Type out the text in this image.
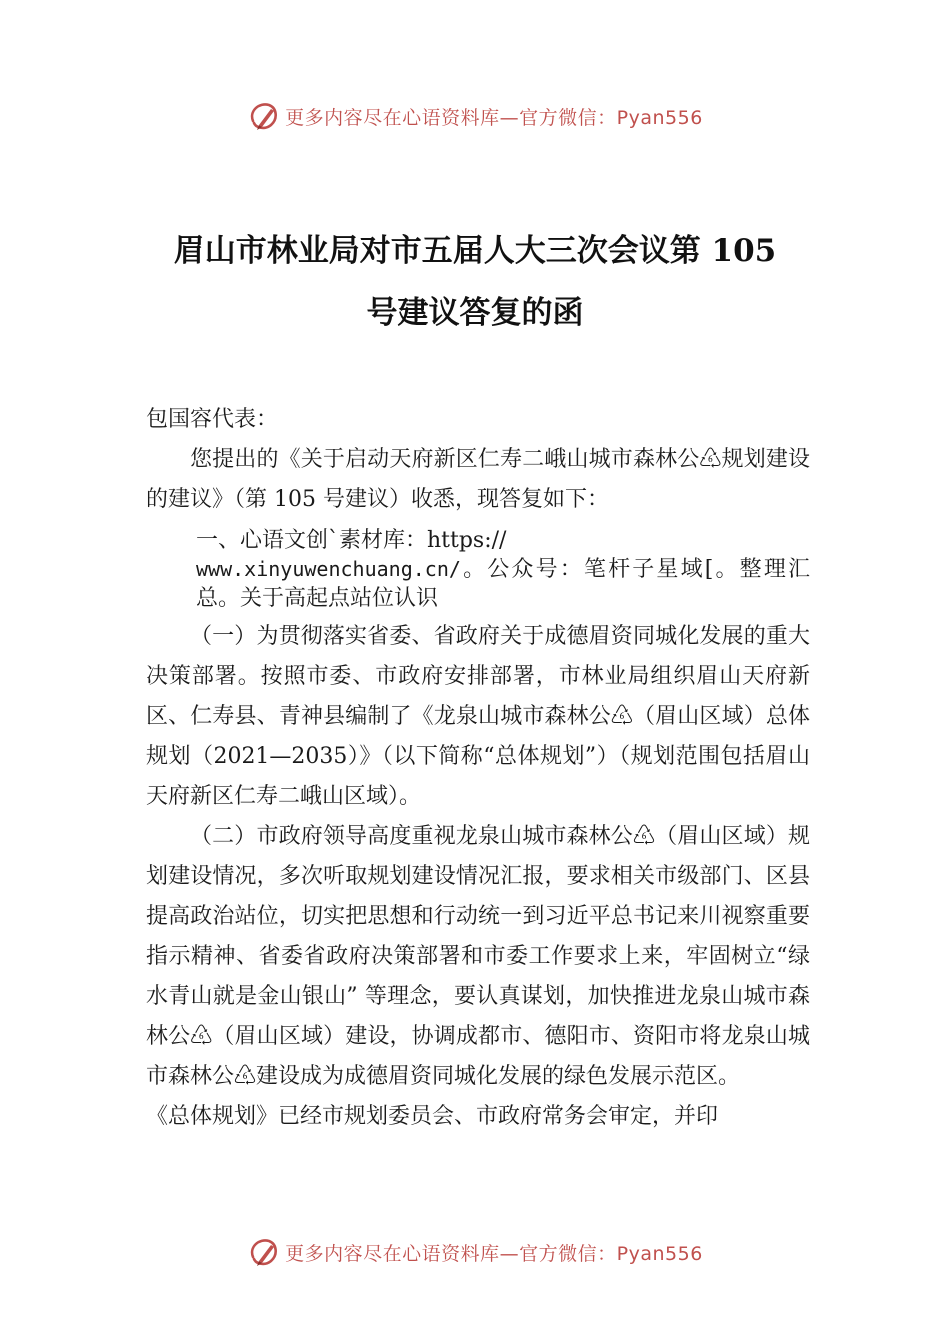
更多内容尽在心语资料库—官方微信：Pyan556
眉山市林业局对市五届人大三次会议第 105
号建议答复的函

包国容代表：

您提出的《关于启动天府新区仁寿二峨山城市森林公♸规划建设的建议》（第 105 号建议）收悉，现答复如下：

一、心语文创`素材库：https://
www.xinyuwenchuang.cn/。公众号：笔杆子星域[。整理汇总。关于高起点站位认识

（一）为贯彻落实省委、省政府关于成德眉资同城化发展的重大决策部署。按照市委、市政府安排部署，市林业局组织眉山天府新区、仁寿县、青神县编制了《龙泉山城市森林公♸（眉山区域）总体规划（2021—2035）》（以下简称“总体规划”）（规划范围包括眉山天府新区仁寿二峨山区域）。

（二）市政府领导高度重视龙泉山城市森林公♸（眉山区域）规划建设情况，多次听取规划建设情况汇报，要求相关市级部门、区县提高政治站位，切实把思想和行动统一到习近平总书记来川视察重要指示精神、省委省政府决策部署和市委工作要求上来，牢固树立“绿水青山就是金山银山” 等理念，要认真谋划，加快推进龙泉山城市森林公♸（眉山区域）建设，协调成都市、德阳市、资阳市将龙泉山城市森林公♸建设成为成德眉资同城化发展的绿色发展示范区。

《总体规划》已经市规划委员会、市政府常务会审定，并印

更多内容尽在心语资料库—官方微信：Pyan556
